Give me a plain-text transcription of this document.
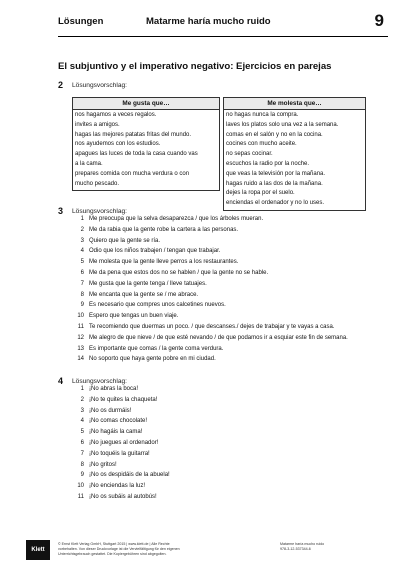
Lösungen	Matarme haría mucho ruido	9
El subjuntivo y el imperativo negativo: Ejercicios en parejas
2 Lösungsvorschlag:
Me gusta que…
nos hagamos a veces regalos.
invites a amigos.
hagas las mejores patatas fritas del mundo.
nos ayudemos con los estudios.
apagues las luces de toda la casa cuando vas
a la cama.
prepares comida con mucha verdura o con
mucho pescado.
Me molesta que…
no hagas nunca la compra.
laves los platos solo una vez a la semana.
comas en el salón y no en la cocina.
cocines con mucho aceite.
no sepas cocinar.
escuchos la radio por la noche.
que veas la televisión por la mañana.
hagas ruido a las dos de la mañana.
dejes la ropa por el suelo.
enciendas el ordenador y no lo uses.
3 Lösungsvorschlag:
1 Me preocupa que la selva desaparezca / que los árboles mueran.
2 Me da rabia que la gente robe la cartera a las personas.
3 Quiero que la gente se ría.
4 Odio que los niños trabajen / tengan que trabajar.
5 Me molesta que la gente lleve perros a los restaurantes.
6 Me da pena que estos dos no se hablen / que la gente no se hable.
7 Me gusta que la gente tenga / lleve tatuajes.
8 Me encanta que la gente se / me abrace.
9 Es necesario que compres unos calcetines nuevos.
10 Espero que tengas un buen viaje.
11 Te recomiendo que duermas un poco. / que descanses./ dejes de trabajar y te vayas a casa.
12 Me alegro de que nieve / de que esté nevando / de que podamos ir a esquiar este fin de semana.
13 Es importante que comas / la gente coma verdura.
14 No soporto que haya gente pobre en mi ciudad.
4 Lösungsvorschlag:
1 ¡No abras la boca!
2 ¡No te quites la chaqueta!
3 ¡No os durmáis!
4 ¡No comas chocolate!
5 ¡No hagáis la cama!
6 ¡No juegues al ordenador!
7 ¡No toquéis la guitarra!
8 ¡No gritos!
9 ¡No os despidáis de la abuela!
10 ¡No enciendas la luz!
11 ¡No os subáis al autobús!
Klett
© Ernst Klett Verlag GmbH, Stuttgart 2015 | www.klett.de | Alle Rechte
vorbehalten. Von dieser Druckvorlage ist die Vervielfältigung für den eigenen
Unterrichtsgebrauch gestattet. Die Kopiergebühren sind abgegolten.
Matarme haría mucho ruido
978-3-12-537344-6
